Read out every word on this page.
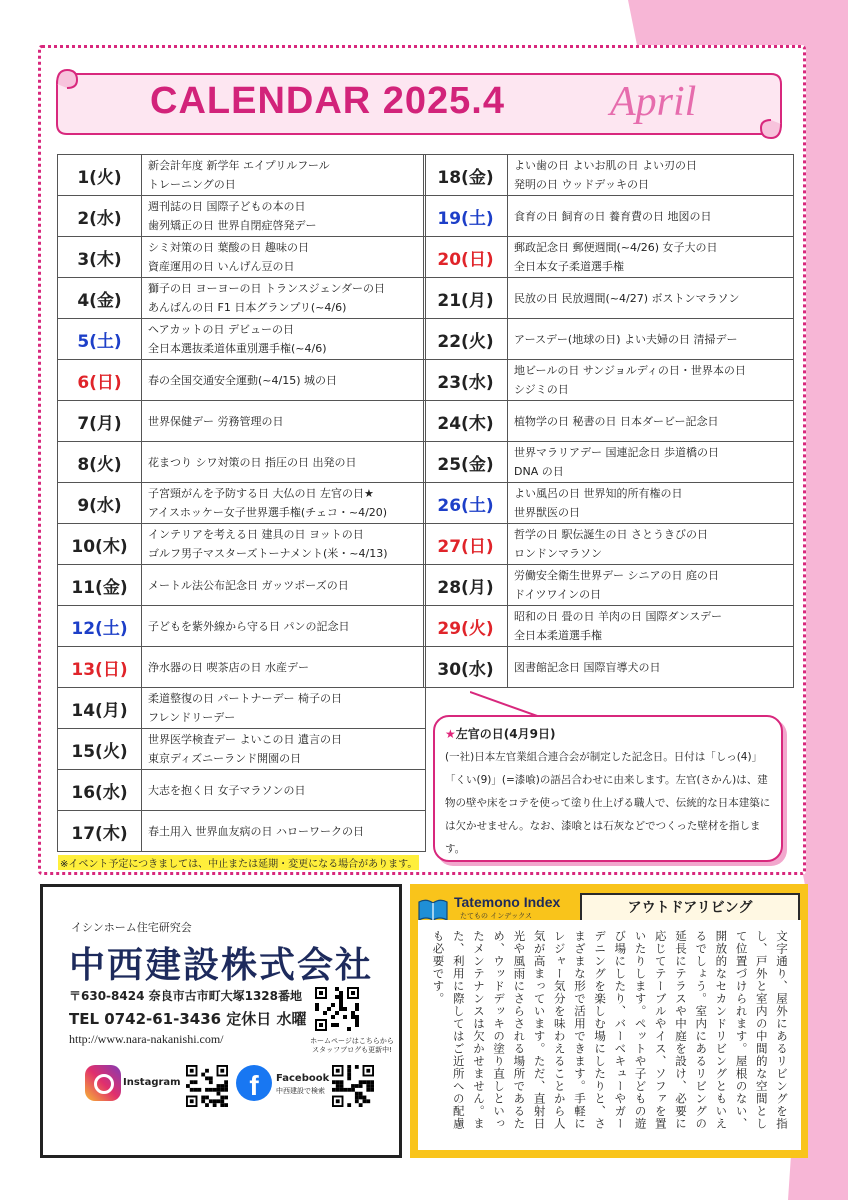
CALENDAR 2025.4	April
1(火)	新会計年度 新学年 エイプリルフール
トレーニングの日

2(水)	週刊誌の日 国際子どもの本の日
歯列矯正の日 世界自閉症啓発デー

3(木)	シミ対策の日 葉酸の日 趣味の日
資産運用の日 いんげん豆の日

4(金)	獅子の日 ヨーヨーの日 トランスジェンダーの日
あんぱんの日 F1 日本グランプリ(~4/6)

5(土)	ヘアカットの日 デビューの日
全日本選抜柔道体重別選手権(~4/6)

6(日)	春の全国交通安全運動(~4/15) 城の日

7(月)	世界保健デー 労務管理の日

8(火)	花まつり シワ対策の日 指圧の日 出発の日

9(水)	子宮頸がんを予防する日 大仏の日 左官の日★
アイスホッケー女子世界選手権(チェコ・~4/20)

10(木)	インテリアを考える日 建具の日 ヨットの日
ゴルフ男子マスターズトーナメント(米・~4/13)

11(金)	メートル法公布記念日 ガッツポーズの日

12(土)	子どもを紫外線から守る日 パンの記念日

13(日)	浄水器の日 喫茶店の日 水産デー

14(月)	柔道整復の日 パートナーデー 椅子の日
フレンドリーデー

15(火)	世界医学検査デー よいこの日 遺言の日
東京ディズニーランド開園の日

16(水)	大志を抱く日 女子マラソンの日

17(木)	春土用入 世界血友病の日 ハローワークの日
18(金)	よい歯の日 よいお肌の日 よい刃の日
発明の日 ウッドデッキの日

19(土)	食育の日 飼育の日 養育費の日 地図の日

20(日)	郵政記念日 郵便週間(~4/26) 女子大の日
全日本女子柔道選手権

21(月)	民放の日 民放週間(~4/27) ボストンマラソン

22(火)	アースデー(地球の日) よい夫婦の日 清掃デー

23(水)	地ビールの日 サンジョルディの日・世界本の日
シジミの日

24(木)	植物学の日 秘書の日 日本ダービー記念日

25(金)	世界マラリアデー 国連記念日 歩道橋の日
DNA の日

26(土)	よい風呂の日 世界知的所有権の日
世界獣医の日

27(日)	哲学の日 駅伝誕生の日 さとうきびの日
ロンドンマラソン

28(月)	労働安全衛生世界デー シニアの日 庭の日
ドイツワインの日

29(火)	昭和の日 畳の日 羊肉の日 国際ダンスデー
全日本柔道選手権

30(水)	図書館記念日 国際盲導犬の日
★左官の日(4月9日)
(一社)日本左官業組合連合会が制定した記念日。日付は「しっ(4)」「くい(9)」(=漆喰)の語呂合わせに由来します。左官(さかん)は、建物の壁や床をコテを使って塗り仕上げる職人で、伝統的な日本建築には欠かせません。なお、漆喰とは石灰などでつくった壁材を指します。
※イベント予定につきましては、中止または延期・変更になる場合があります。
イシンホーム住宅研究会
中西建設株式会社
〒630-8424 奈良市古市町大塚1328番地
TEL 0742-61-3436 定休日 水曜
http://www.nara-nakanishi.com/	ホームページはこちらから スタッフブログも更新中!
Instagram	f	Facebook
中西建設で検索
Tatemono Index
たてもの インデックス	アウトドアリビング
文字通り、屋外にあるリビングを指し、戸外と室内の中間的な空間として位置づけられます。屋根のない、開放的なセカンドリビングともいえるでしょう。室内にあるリビングの延長にテラスや中庭を設け、必要に応じてテーブルやイス、ソファを置いたりします。ペットや子どもの遊び場にしたり、バーベキューやガーデニングを楽しむ場にしたりと、さまざまな形で活用できます。手軽にレジャー気分を味わえることから人気が高まっています。ただ、直射日光や風雨にさらされる場所であるため、ウッドデッキの塗り直しといったメンテナンスは欠かせません。また、利用に際してはご近所への配慮も必要です。
